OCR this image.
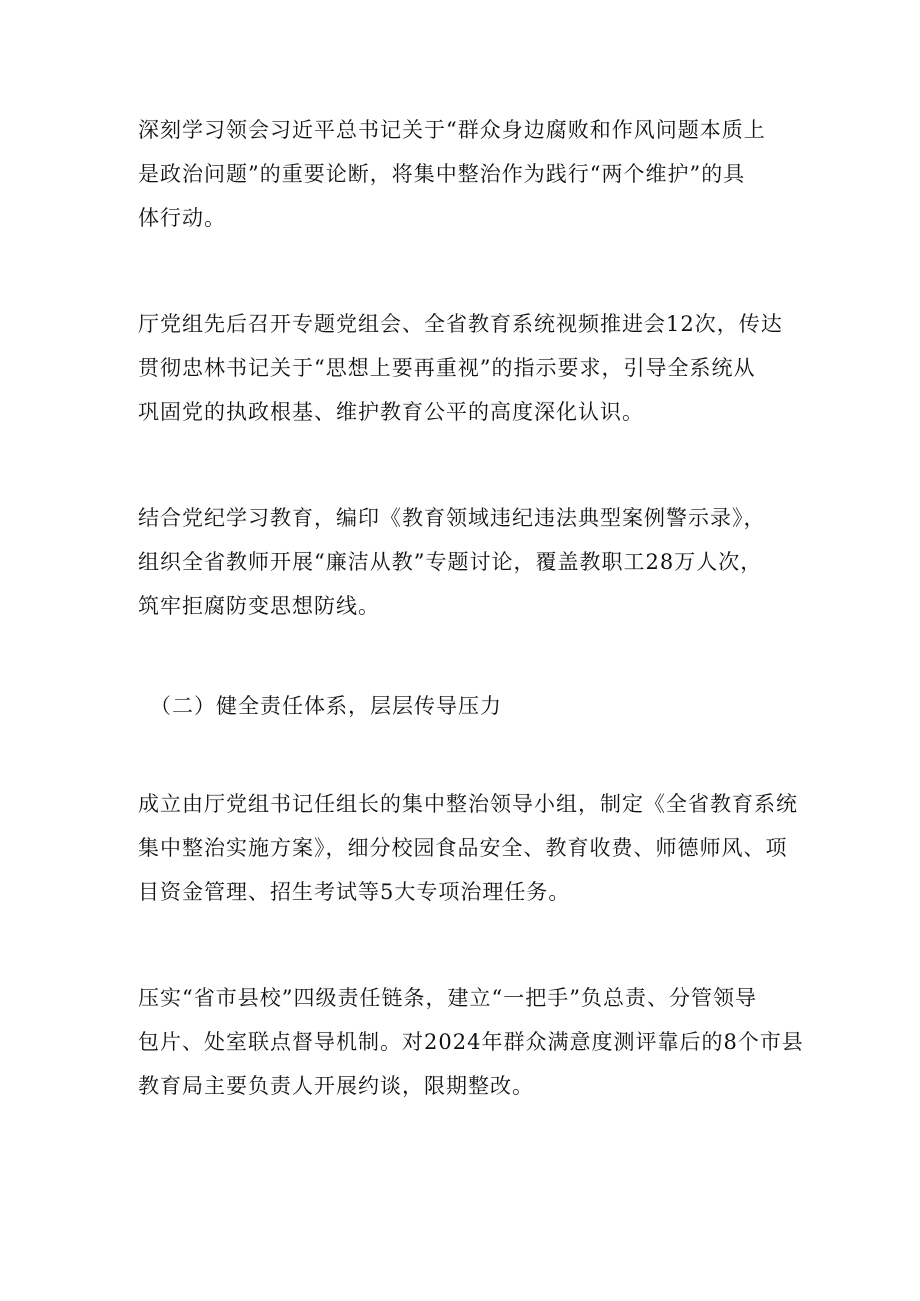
深刻学习领会习近平总书记关于“群众身边腐败和作风问题本质上
是政治问题”的重要论断，将集中整治作为践行“两个维护”的具
体行动。

厅党组先后召开专题党组会、全省教育系统视频推进会12次，传达
贯彻忠林书记关于“思想上要再重视”的指示要求，引导全系统从
巩固党的执政根基、维护教育公平的高度深化认识。

结合党纪学习教育，编印《教育领域违纪违法典型案例警示录》，
组织全省教师开展“廉洁从教”专题讨论，覆盖教职工28万人次，
筑牢拒腐防变思想防线。

（二）健全责任体系，层层传导压力

成立由厅党组书记任组长的集中整治领导小组，制定《全省教育系统
集中整治实施方案》，细分校园食品安全、教育收费、师德师风、项
目资金管理、招生考试等5大专项治理任务。

压实“省市县校”四级责任链条，建立“一把手”负总责、分管领导
包片、处室联点督导机制。对2024年群众满意度测评靠后的8个市县
教育局主要负责人开展约谈，限期整改。
